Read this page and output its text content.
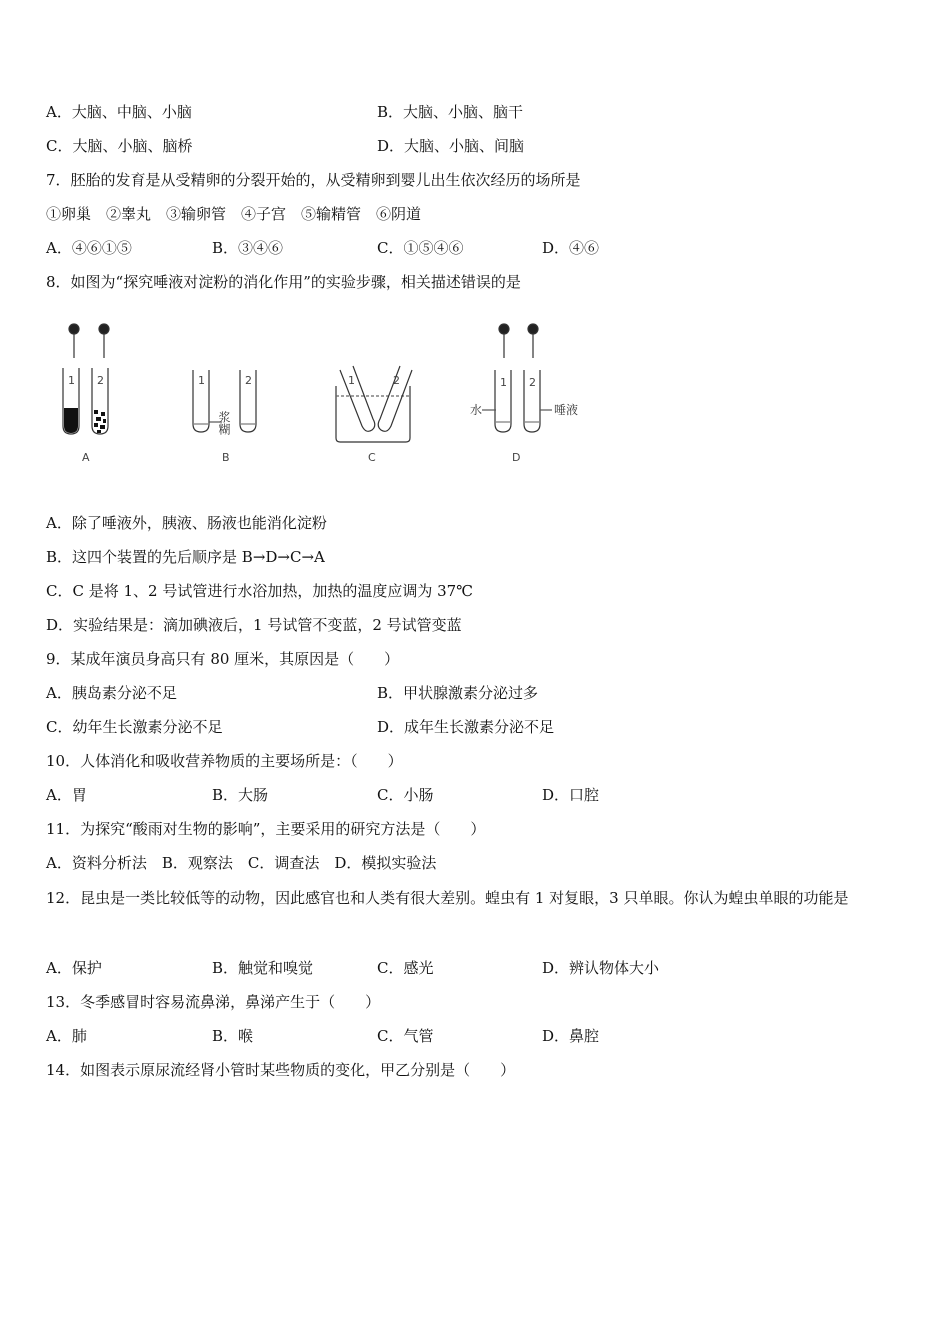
A．大脑、中脑、小脑	B．大脑、小脑、脑干
C．大脑、小脑、脑桥	D．大脑、小脑、间脑
7．胚胎的发育是从受精卵的分裂开始的，从受精卵到婴儿出生依次经历的场所是
①卵巢　②睾丸　③输卵管　④子宫　⑤输精管　⑥阴道
A．④⑥①⑤	B．③④⑥	C．①⑤④⑥	D．④⑥
8．如图为“探究唾液对淀粉的消化作用”的实验步骤，相关描述错误的是
1 2	1	2	1	2	1 2
浆糊
水	唾液
A	B	C	D
A．除了唾液外，胰液、肠液也能消化淀粉
B．这四个装置的先后顺序是 B→D→C→A
C．C 是将 1、2 号试管进行水浴加热，加热的温度应调为 37℃
D．实验结果是：滴加碘液后，1 号试管不变蓝，2 号试管变蓝
9．某成年演员身高只有 80 厘米，其原因是（　　）
A．胰岛素分泌不足	B．甲状腺激素分泌过多
C．幼年生长激素分泌不足	D．成年生长激素分泌不足
10．人体消化和吸收营养物质的主要场所是：（　　）
A．胃	B．大肠	C．小肠	D．口腔
11．为探究“酸雨对生物的影响”，主要采用的研究方法是（　　）
A．资料分析法　B．观察法　C．调查法　D．模拟实验法
12．昆虫是一类比较低等的动物，因此感官也和人类有很大差别。蝗虫有 1 对复眼，3 只单眼。你认为蝗虫单眼的功能是
A．保护	B．触觉和嗅觉	C．感光	D．辨认物体大小
13．冬季感冒时容易流鼻涕，鼻涕产生于（　　）
A．肺	B．喉	C．气管	D．鼻腔
14．如图表示原尿流经肾小管时某些物质的变化，甲乙分别是（　　）
